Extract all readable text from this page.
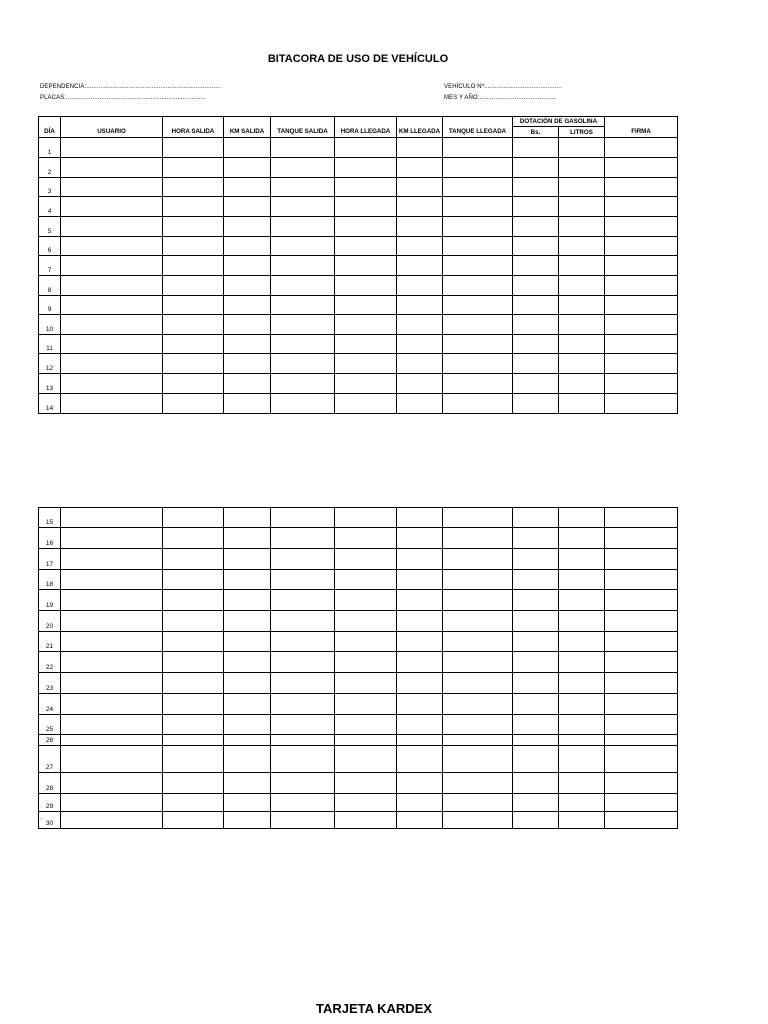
BITACORA DE USO DE VEHÍCULO
DEPENDENCIA:............................................................................
PLACAS:...............................................................................
VEHÍCULO Nº:...........................................
MES Y AÑO:...........................................
DÍA	USUARIO	HORA SALIDA	KM SALIDA	TANQUE SALIDA	HORA LLEGADA	KM LLEGADA	TANQUE LLEGADA	DOTACIÓN DE GASOLINA		FIRMA
								Bs.	LITROS	
1										
2										
3										
4										
5										
6										
7										
8										
9										
10										
11										
12										
13										
14										
15										
16										
17										
18										
19										
20										
21										
22										
23										
24										
25										
26										
27										
28										
29										
30										
TARJETA KARDEX
